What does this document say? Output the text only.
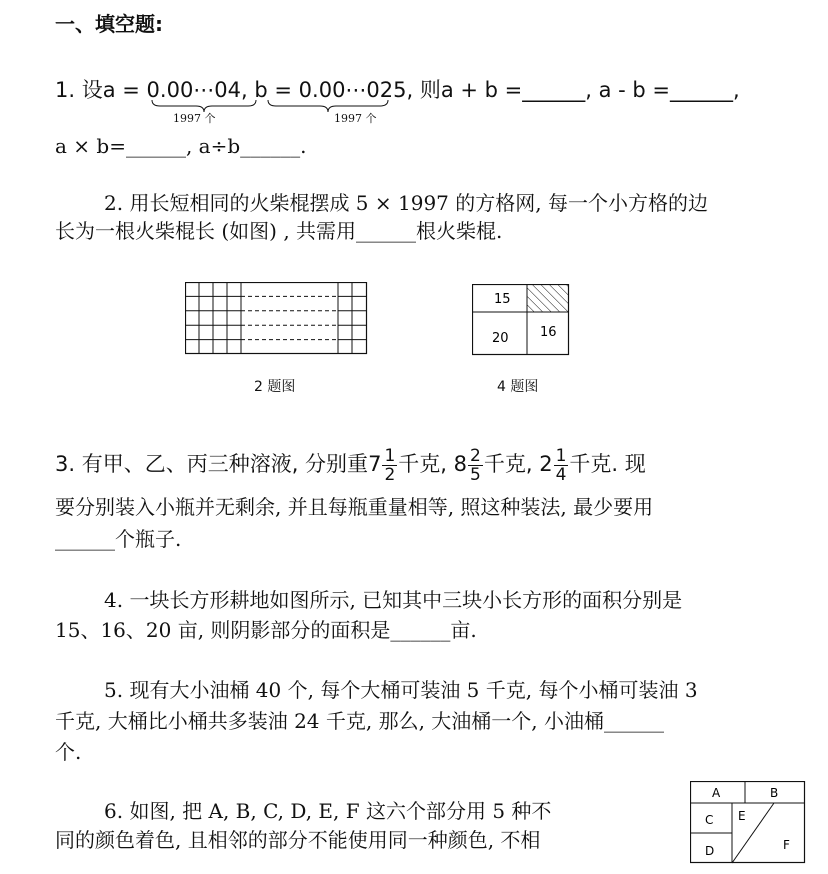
一、填空题:
1. 设a = 0.00⋯04, b = 0.00⋯025, 则a + b =______, a - b =______,
1997 个	1997 个
a × b=______, a÷b______.
2. 用长短相同的火柴棍摆成 5 × 1997 的方格网, 每一个小方格的边
长为一根火柴棍长 (如图) , 共需用______根火柴棍.
2 题图
15
20 16
4 题图
3. 有甲、乙、丙三种溶液, 分别重$7 \frac{1}{2}$ 千克, $8 \frac{2}{5}$ 千克, $2 \frac{1}{4}$ 千克. 现
要分别装入小瓶并无剩余, 并且每瓶重量相等, 照这种装法, 最少要用
______个瓶子.
4. 一块长方形耕地如图所示, 已知其中三块小长方形的面积分别是
15、16、20 亩, 则阴影部分的面积是______亩.
5. 现有大小油桶 40 个, 每个大桶可装油 5 千克, 每个小桶可装油 3
千克, 大桶比小桶共多装油 24 千克, 那么, 大油桶一个, 小油桶______
个.
6. 如图, 把 A, B, C, D, E, F 这六个部分用 5 种不
同的颜色着色, 且相邻的部分不能使用同一种颜色, 不相
A	B
C E
D	F
